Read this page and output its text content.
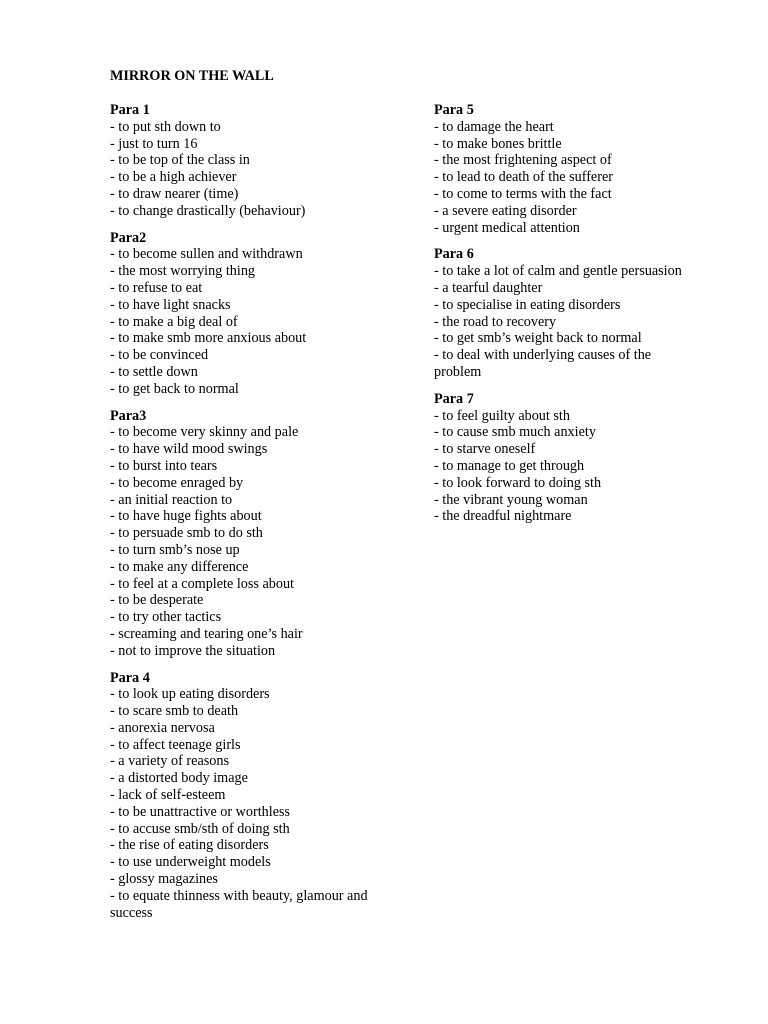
MIRROR ON THE WALL
Para 1
- to put sth down to
- just to turn 16
- to be top of the class in
- to be a high achiever
- to draw nearer (time)
- to change drastically (behaviour)
Para2
- to become sullen and withdrawn
- the most worrying thing
- to refuse to eat
- to have light snacks
- to make a big deal of
- to make smb more anxious about
- to be convinced
- to settle down
- to get back to normal
Para3
- to become very skinny and pale
- to have wild mood swings
- to burst into tears
- to become enraged by
- an initial reaction to
- to have huge fights about
- to persuade smb to do sth
- to turn smb’s nose up
- to make any difference
- to feel at a complete loss about
- to be desperate
- to try other tactics
- screaming and tearing one’s hair
- not to improve the situation
Para 4
- to look up eating disorders
- to scare smb to death
- anorexia nervosa
- to affect teenage girls
- a variety of reasons
- a distorted body image
- lack of self-esteem
- to be unattractive or worthless
- to accuse smb/sth of doing sth
- the rise of eating disorders
- to use underweight models
- glossy magazines
- to equate thinness with beauty, glamour and success
Para 5
- to damage the heart
- to make bones brittle
- the most frightening aspect of
- to lead to death of the sufferer
- to come to terms with the fact
- a severe eating disorder
- urgent medical attention
Para 6
- to take a lot of calm and gentle persuasion
- a tearful daughter
- to specialise in eating disorders
- the road to recovery
- to get smb’s weight back to normal
- to deal with underlying causes of the problem
Para 7
- to feel guilty about sth
- to cause smb much anxiety
- to starve oneself
- to manage to get through
- to look forward to doing sth
- the vibrant young woman
- the dreadful nightmare
